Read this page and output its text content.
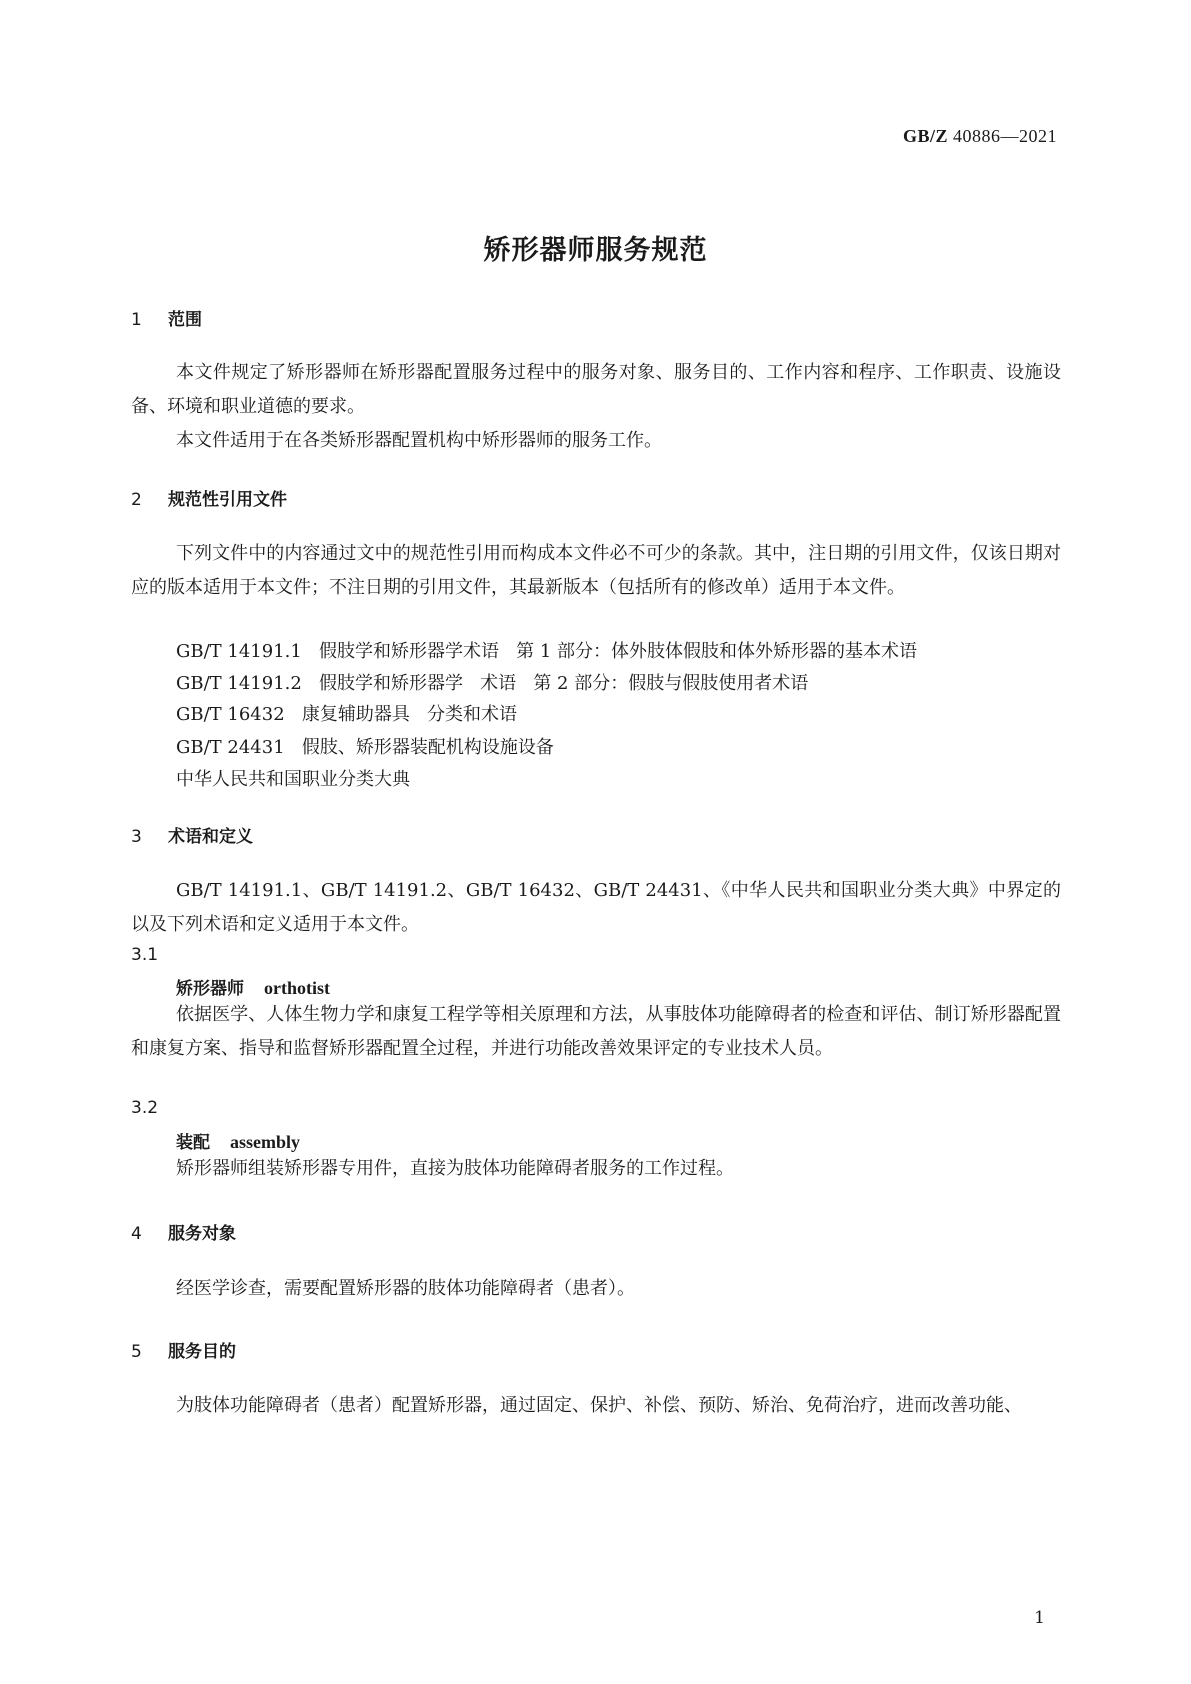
GB/Z 40886—2021
矫形器师服务规范
1 范围
本文件规定了矫形器师在矫形器配置服务过程中的服务对象、服务目的、工作内容和程序、工作职责、设施设备、环境和职业道德的要求。
本文件适用于在各类矫形器配置机构中矫形器师的服务工作。
2 规范性引用文件
下列文件中的内容通过文中的规范性引用而构成本文件必不可少的条款。其中，注日期的引用文件，仅该日期对应的版本适用于本文件；不注日期的引用文件，其最新版本（包括所有的修改单）适用于本文件。
GB/T 14191.1   假肢学和矫形器学术语   第 1 部分：体外肢体假肢和体外矫形器的基本术语
GB/T 14191.2   假肢学和矫形器学   术语   第 2 部分：假肢与假肢使用者术语
GB/T 16432   康复辅助器具   分类和术语
GB/T 24431   假肢、矫形器装配机构设施设备
中华人民共和国职业分类大典
3 术语和定义
GB/T 14191.1、GB/T 14191.2、GB/T 16432、GB/T 24431、《中华人民共和国职业分类大典》中界定的以及下列术语和定义适用于本文件。
3.1
矫形器师 orthotist
依据医学、人体生物力学和康复工程学等相关原理和方法，从事肢体功能障碍者的检查和评估、制订矫形器配置和康复方案、指导和监督矫形器配置全过程，并进行功能改善效果评定的专业技术人员。
3.2
装配 assembly
矫形器师组装矫形器专用件，直接为肢体功能障碍者服务的工作过程。
4 服务对象
经医学诊查，需要配置矫形器的肢体功能障碍者（患者）。
5 服务目的
为肢体功能障碍者（患者）配置矫形器，通过固定、保护、补偿、预防、矫治、免荷治疗，进而改善功能、
1
